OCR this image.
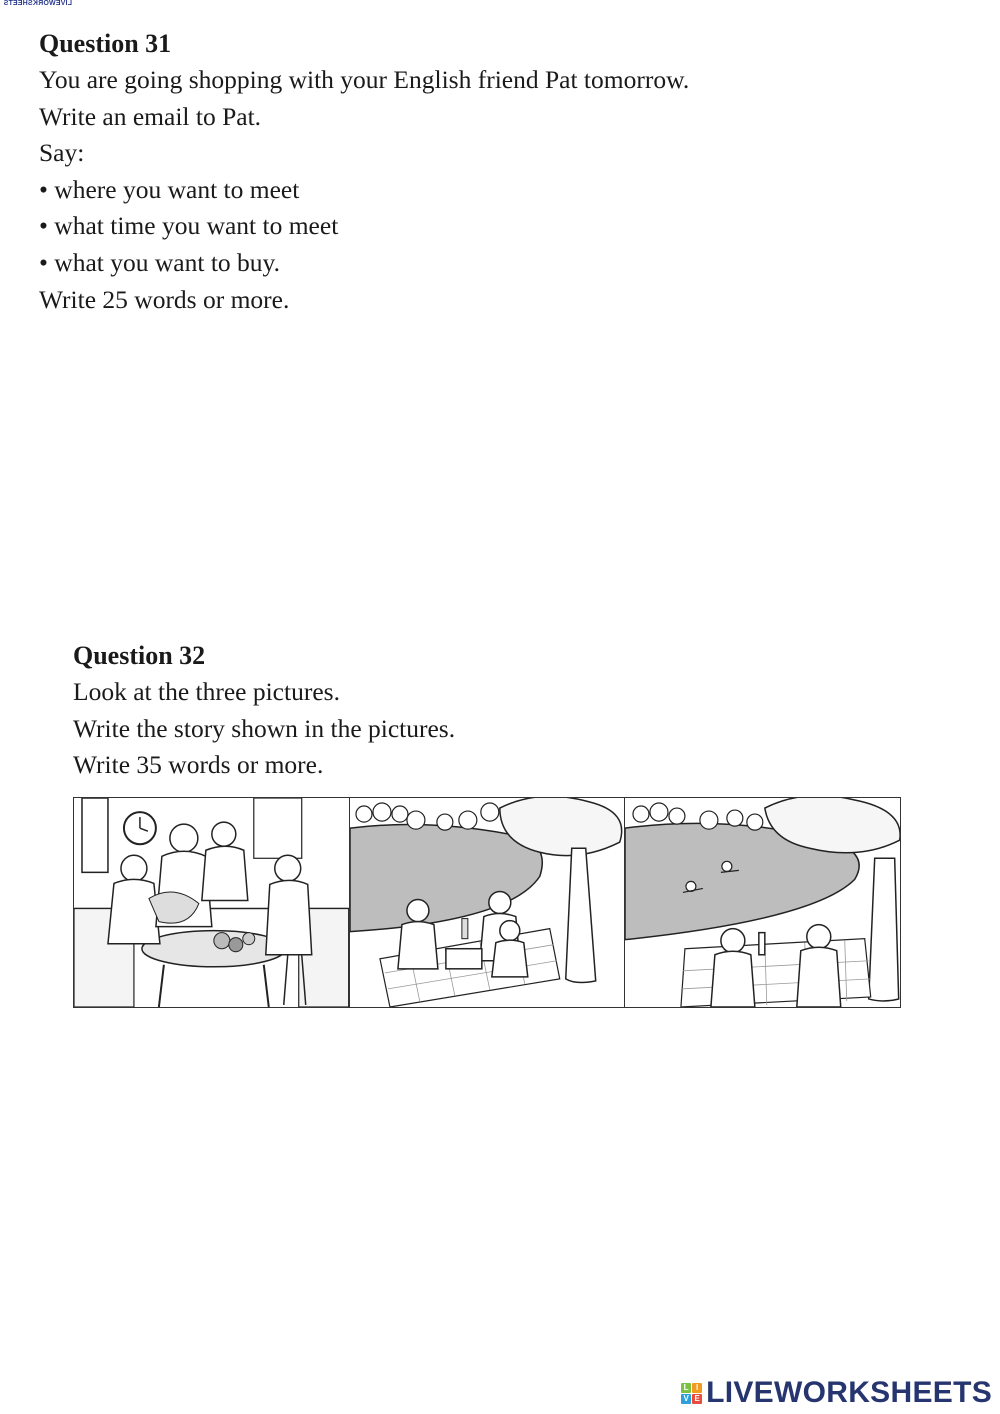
LIVEWORKSHEETS

Question 31

You are going shopping with your English friend Pat tomorrow.

Write an email to Pat.

Say:

• where you want to meet

• what time you want to meet

• what you want to buy.

Write 25 words or more.

Question 32

Look at the three pictures.

Write the story shown in the pictures.

Write 35 words or more.

L I
V E LIVEWORKSHEETS
